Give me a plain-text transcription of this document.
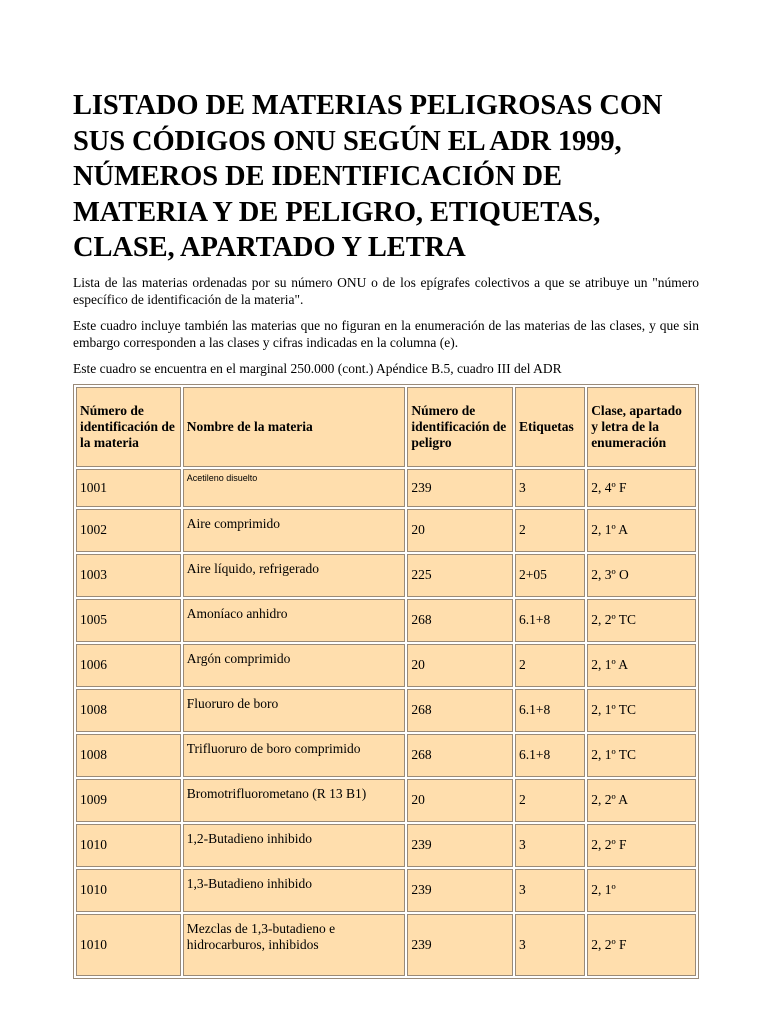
LISTADO DE MATERIAS PELIGROSAS CON SUS CÓDIGOS ONU SEGÚN EL ADR 1999, NÚMEROS DE IDENTIFICACIÓN DE MATERIA Y DE PELIGRO, ETIQUETAS, CLASE, APARTADO Y LETRA

Lista de las materias ordenadas por su número ONU o de los epígrafes colectivos a que se atribuye un "número específico de identificación de la materia".

Este cuadro incluye también las materias que no figuran en la enumeración de las materias de las clases, y que sin embargo corresponden a las clases y cifras indicadas en la columna (e).

Este cuadro se encuentra en el marginal 250.000 (cont.) Apéndice B.5, cuadro III del ADR

Número de identificación de la materia	Nombre de la materia	Número de identificación de peligro	Etiquetas	Clase, apartado y letra de la enumeración
1001	Acetileno disuelto	239	3	2, 4º F
1002	Aire comprimido	20	2	2, 1º A
1003	Aire líquido, refrigerado	225	2+05	2, 3º O
1005	Amoníaco anhidro	268	6.1+8	2, 2º TC
1006	Argón comprimido	20	2	2, 1º A
1008	Fluoruro de boro	268	6.1+8	2, 1º TC
1008	Trifluoruro de boro comprimido	268	6.1+8	2, 1º TC
1009	Bromotrifluorometano (R 13 B1)	20	2	2, 2º A
1010	1,2-Butadieno inhibido	239	3	2, 2º F
1010	1,3-Butadieno inhibido	239	3	2, 1º
1010	Mezclas de 1,3-butadieno e hidrocarburos, inhibidos	239	3	2, 2º F
